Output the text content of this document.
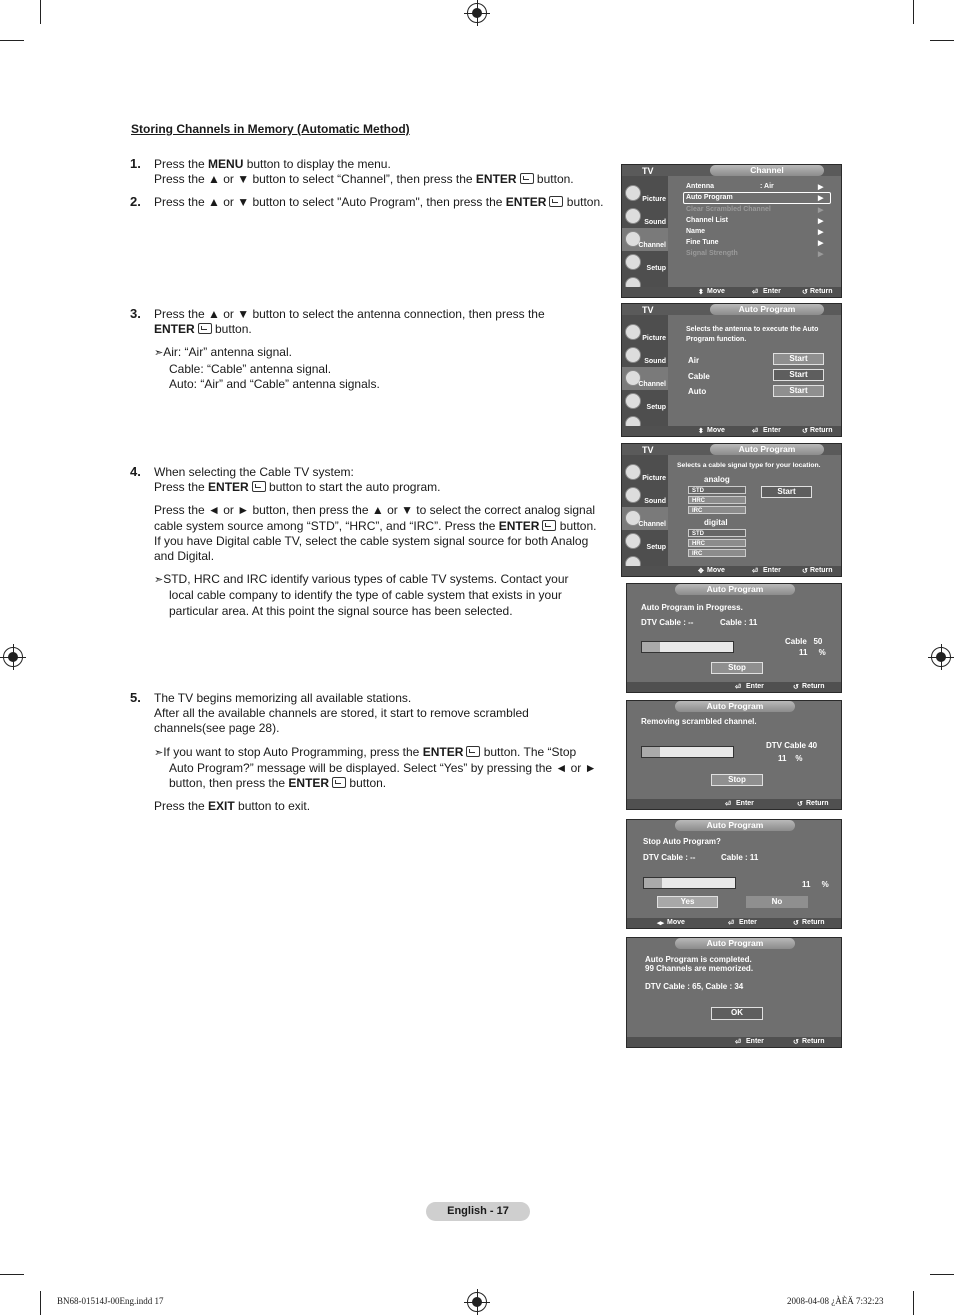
Storing Channels in Memory (Automatic Method)
1. Press the MENU button to display the menu.
Press the ▲ or ▼ button to select “Channel”, then press the ENTER button.
2. Press the ▲ or ▼ button to select "Auto Program", then press the ENTER button.
3. Press the ▲ or ▼ button to select the antenna connection, then press the
ENTER button.
➣Air: “Air” antenna signal.
Cable: “Cable” antenna signal.
Auto: “Air” and “Cable” antenna signals.
4. When selecting the Cable TV system:
Press the ENTER button to start the auto program.
Press the ◄ or ► button, then press the ▲ or ▼ to select the correct analog signal
cable system source among “STD”, “HRC”, and “IRC”. Press the ENTER button.
If you have Digital cable TV, select the cable system signal source for both Analog
and Digital.
➣STD, HRC and IRC identify various types of cable TV systems. Contact your
local cable company to identify the type of cable system that exists in your
particular area. At this point the signal source has been selected.
5. The TV begins memorizing all available stations.
After all the available channels are stored, it start to remove scrambled
channels(see page 28).
➣If you want to stop Auto Programming, press the ENTER button. The “Stop
Auto Program?” message will be displayed. Select “Yes” by pressing the ◄ or ►
button, then press the ENTER button.
Press the EXIT button to exit.
TV	Channel
Picture
Sound
Channel
Setup
Antenna	: Air
Auto Program
Clear Scrambled Channel
Channel List
Name
Fine Tune
Signal Strength
▶
▶
▶
▶
▶
▶
▶
⬍ Move	⏎ Enter	↺ Return
TV	Auto Program
Picture
Sound
Channel
Setup
Selects the antenna to execute the Auto
Program function.
Air
Cable
Auto
Start
Start
Start
⬍ Move	⏎ Enter	↺ Return
TV	Auto Program
Picture
Sound
Channel
Setup
Selects a cable signal type for your location.
analog
STD
HRC
IRC
digital
STD
HRC
IRC
Start
✥ Move	⏎ Enter	↺ Return
Auto Program
Auto Program in Progress.
DTV Cable : --	Cable : 11
Cable   50
11     %
Stop
⏎ Enter	↺ Return
Auto Program
Removing scrambled channel.
DTV Cable 40
11    %
Stop
⏎ Enter	↺ Return
Auto Program
Stop Auto Program?
DTV Cable : --	Cable : 11
11     %
Yes	No
◂▸ Move	⏎ Enter	↺ Return
Auto Program
Auto Program is completed.
99 Channels are memorized.
DTV Cable : 65, Cable : 34
OK
⏎ Enter	↺ Return
English - 17
BN68-01514J-00Eng.indd 17	2008-04-08 ¿ÀÈÄ 7:32:23
